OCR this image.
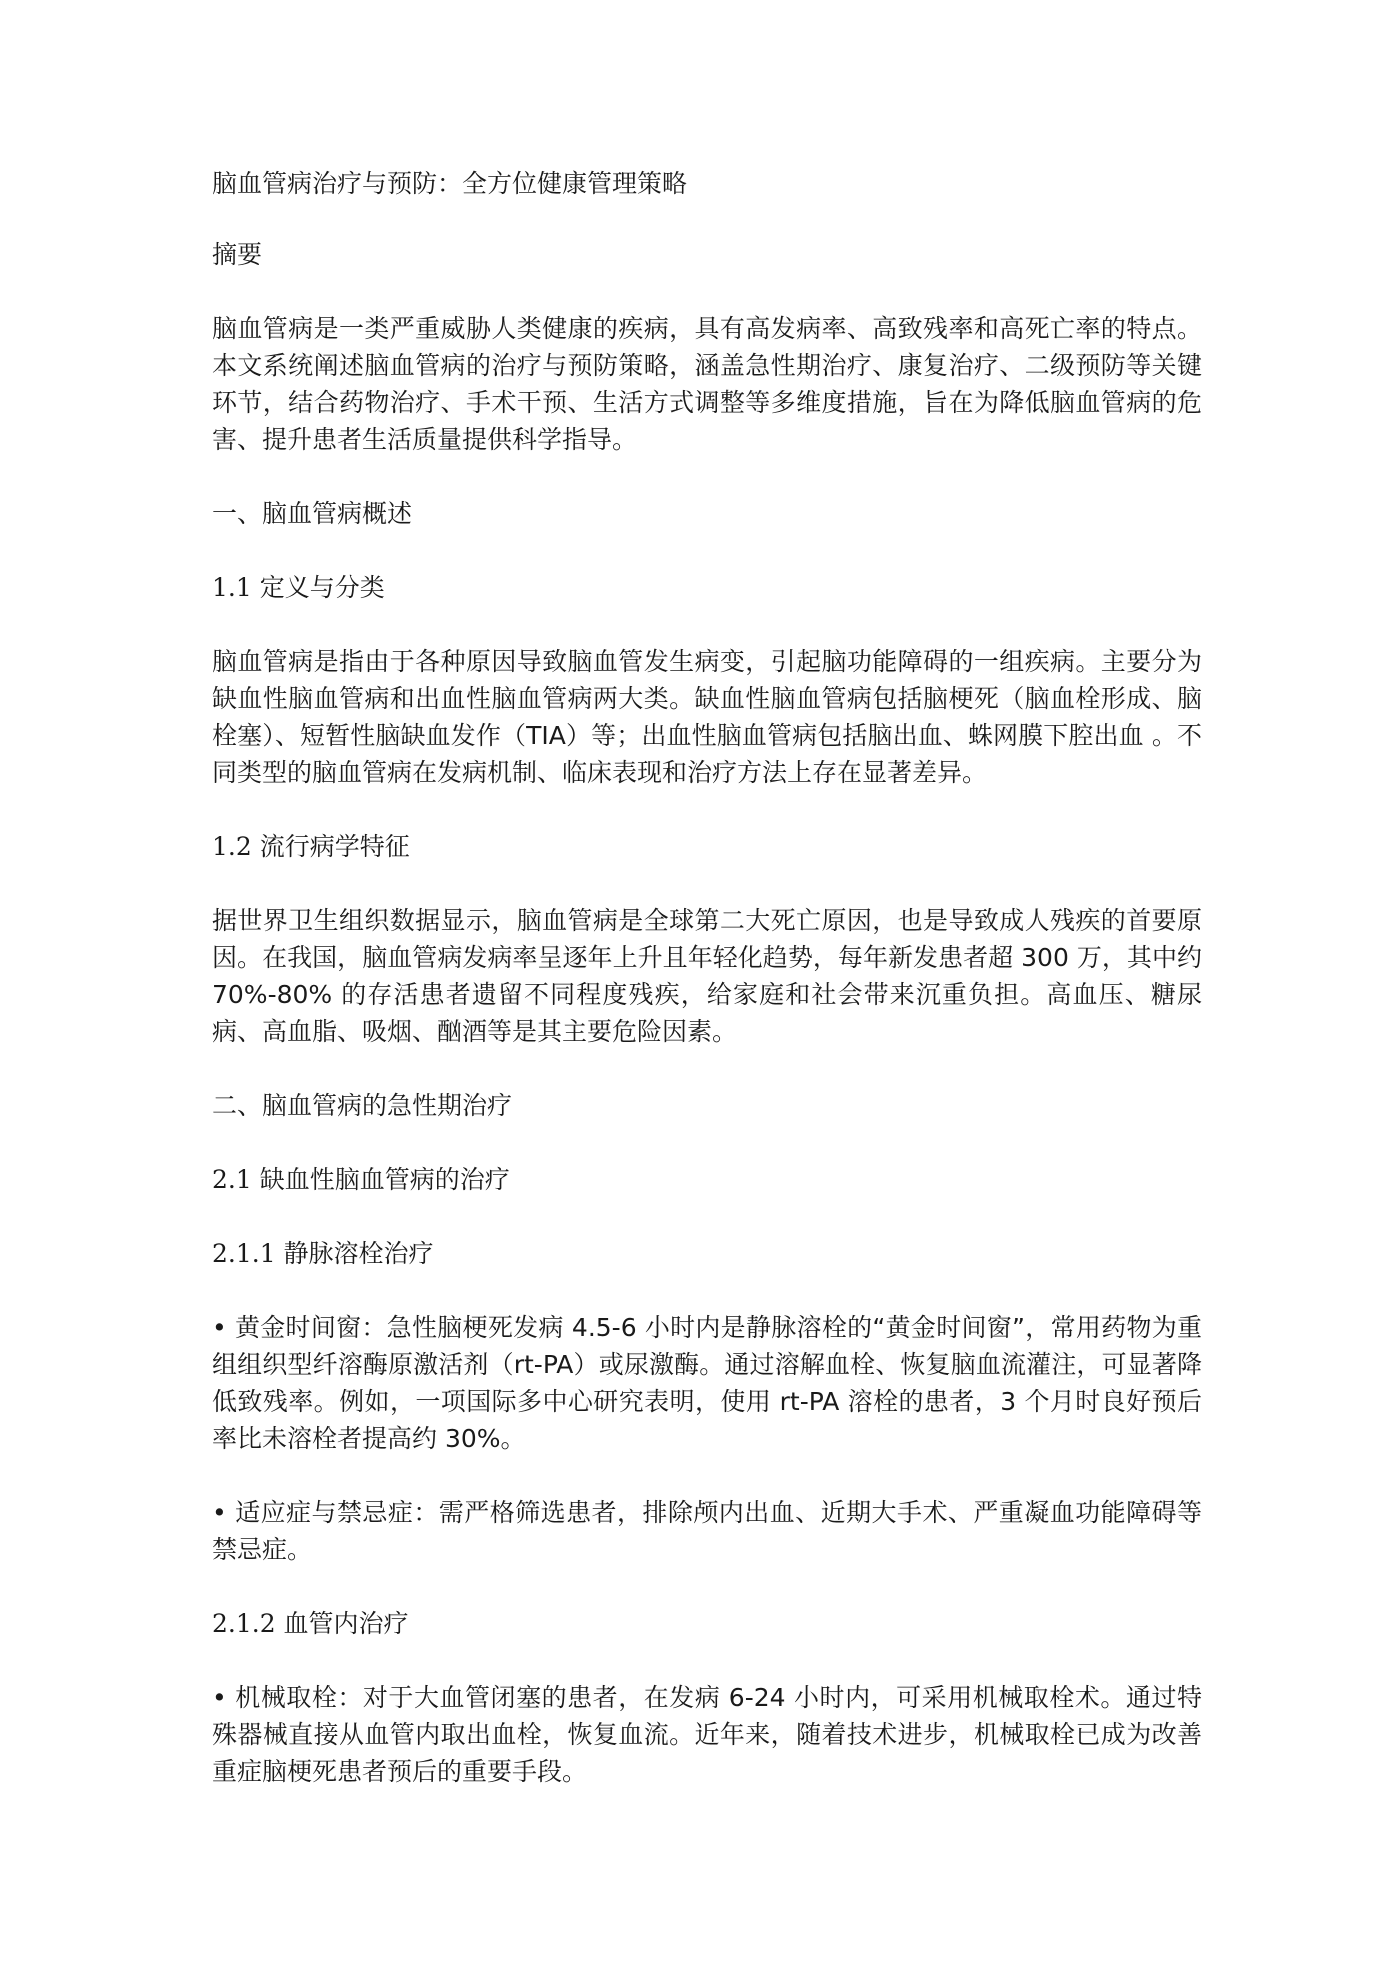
脑血管病治疗与预防：全方位健康管理策略

摘要

脑血管病是一类严重威胁人类健康的疾病，具有高发病率、高致残率和高死亡率的特点。本文系统阐述脑血管病的治疗与预防策略，涵盖急性期治疗、康复治疗、二级预防等关键环节，结合药物治疗、手术干预、生活方式调整等多维度措施，旨在为降低脑血管病的危害、提升患者生活质量提供科学指导。

一、脑血管病概述

1.1 定义与分类

脑血管病是指由于各种原因导致脑血管发生病变，引起脑功能障碍的一组疾病。主要分为缺血性脑血管病和出血性脑血管病两大类。缺血性脑血管病包括脑梗死（脑血栓形成、脑栓塞）、短暂性脑缺血发作（TIA）等；出血性脑血管病包括脑出血、蛛网膜下腔出血 。不同类型的脑血管病在发病机制、临床表现和治疗方法上存在显著差异。

1.2 流行病学特征

据世界卫生组织数据显示，脑血管病是全球第二大死亡原因，也是导致成人残疾的首要原因。在我国，脑血管病发病率呈逐年上升且年轻化趋势，每年新发患者超 300 万，其中约 70%-80% 的存活患者遗留不同程度残疾，给家庭和社会带来沉重负担。高血压、糖尿病、高血脂、吸烟、酗酒等是其主要危险因素。

二、脑血管病的急性期治疗

2.1 缺血性脑血管病的治疗

2.1.1 静脉溶栓治疗

• 黄金时间窗：急性脑梗死发病 4.5-6 小时内是静脉溶栓的“黄金时间窗”，常用药物为重组组织型纤溶酶原激活剂（rt-PA）或尿激酶。通过溶解血栓、恢复脑血流灌注，可显著降低致残率。例如，一项国际多中心研究表明，使用 rt-PA 溶栓的患者，3 个月时良好预后率比未溶栓者提高约 30%。

• 适应症与禁忌症：需严格筛选患者，排除颅内出血、近期大手术、严重凝血功能障碍等禁忌症。

2.1.2 血管内治疗

• 机械取栓：对于大血管闭塞的患者，在发病 6-24 小时内，可采用机械取栓术。通过特殊器械直接从血管内取出血栓，恢复血流。近年来，随着技术进步，机械取栓已成为改善重症脑梗死患者预后的重要手段。
